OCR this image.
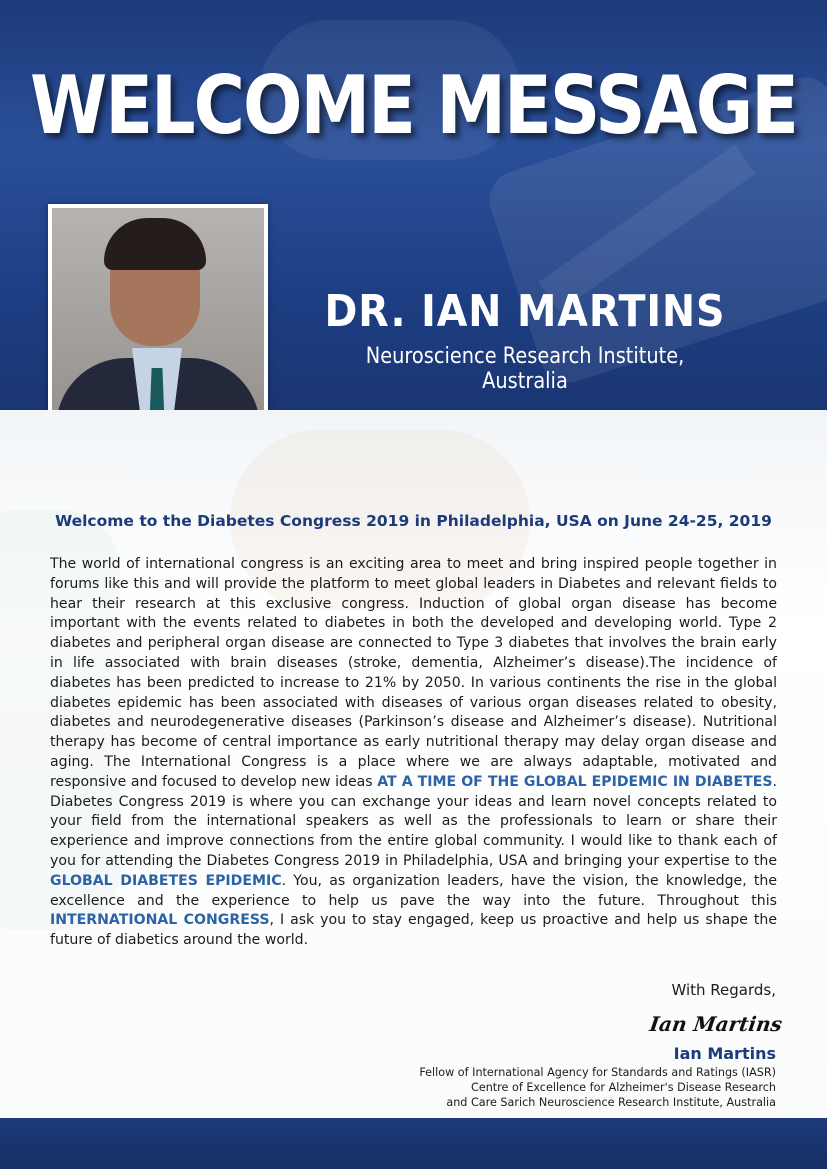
WELCOME MESSAGE
DR. IAN MARTINS

Neuroscience Research Institute, Australia

Welcome to the Diabetes Congress 2019 in Philadelphia, USA on June 24-25, 2019

The world of international congress is an exciting area to meet and bring inspired people together in forums like this and will provide the platform to meet global leaders in Diabetes and relevant fields to hear their research at this exclusive congress. Induction of global organ disease has become important with the events related to diabetes in both the developed and developing world. Type 2 diabetes and peripheral organ disease are connected to Type 3 diabetes that involves the brain early in life associated with brain diseases (stroke, dementia, Alzheimer’s disease).The incidence of diabetes has been predicted to increase to 21% by 2050. In various continents the rise in the global diabetes epidemic has been associated with diseases of various organ diseases related to obesity, diabetes and neurodegenerative diseases (Parkinson’s disease and Alzheimer’s disease). Nutritional therapy has become of central importance as early nutritional therapy may delay organ disease and aging. The International Congress is a place where we are always adaptable, motivated and responsive and focused to develop new ideas AT A TIME OF THE GLOBAL EPIDEMIC IN DIABETES. Diabetes Congress 2019 is where you can exchange your ideas and learn novel concepts related to your field from the international speakers as well as the professionals to learn or share their experience and improve connections from the entire global community. I would like to thank each of you for attending the Diabetes Congress 2019 in Philadelphia, USA and bringing your expertise to the GLOBAL DIABETES EPIDEMIC. You, as organization leaders, have the vision, the knowledge, the excellence and the experience to help us pave the way into the future. Throughout this INTERNATIONAL CONGRESS, I ask you to stay engaged, keep us proactive and help us shape the future of diabetics around the world.

With Regards,

Ian Martins

Ian Martins

Fellow of International Agency for Standards and Ratings (IASR)
Centre of Excellence for Alzheimer's Disease Research
and Care Sarich Neuroscience Research Institute, Australia
